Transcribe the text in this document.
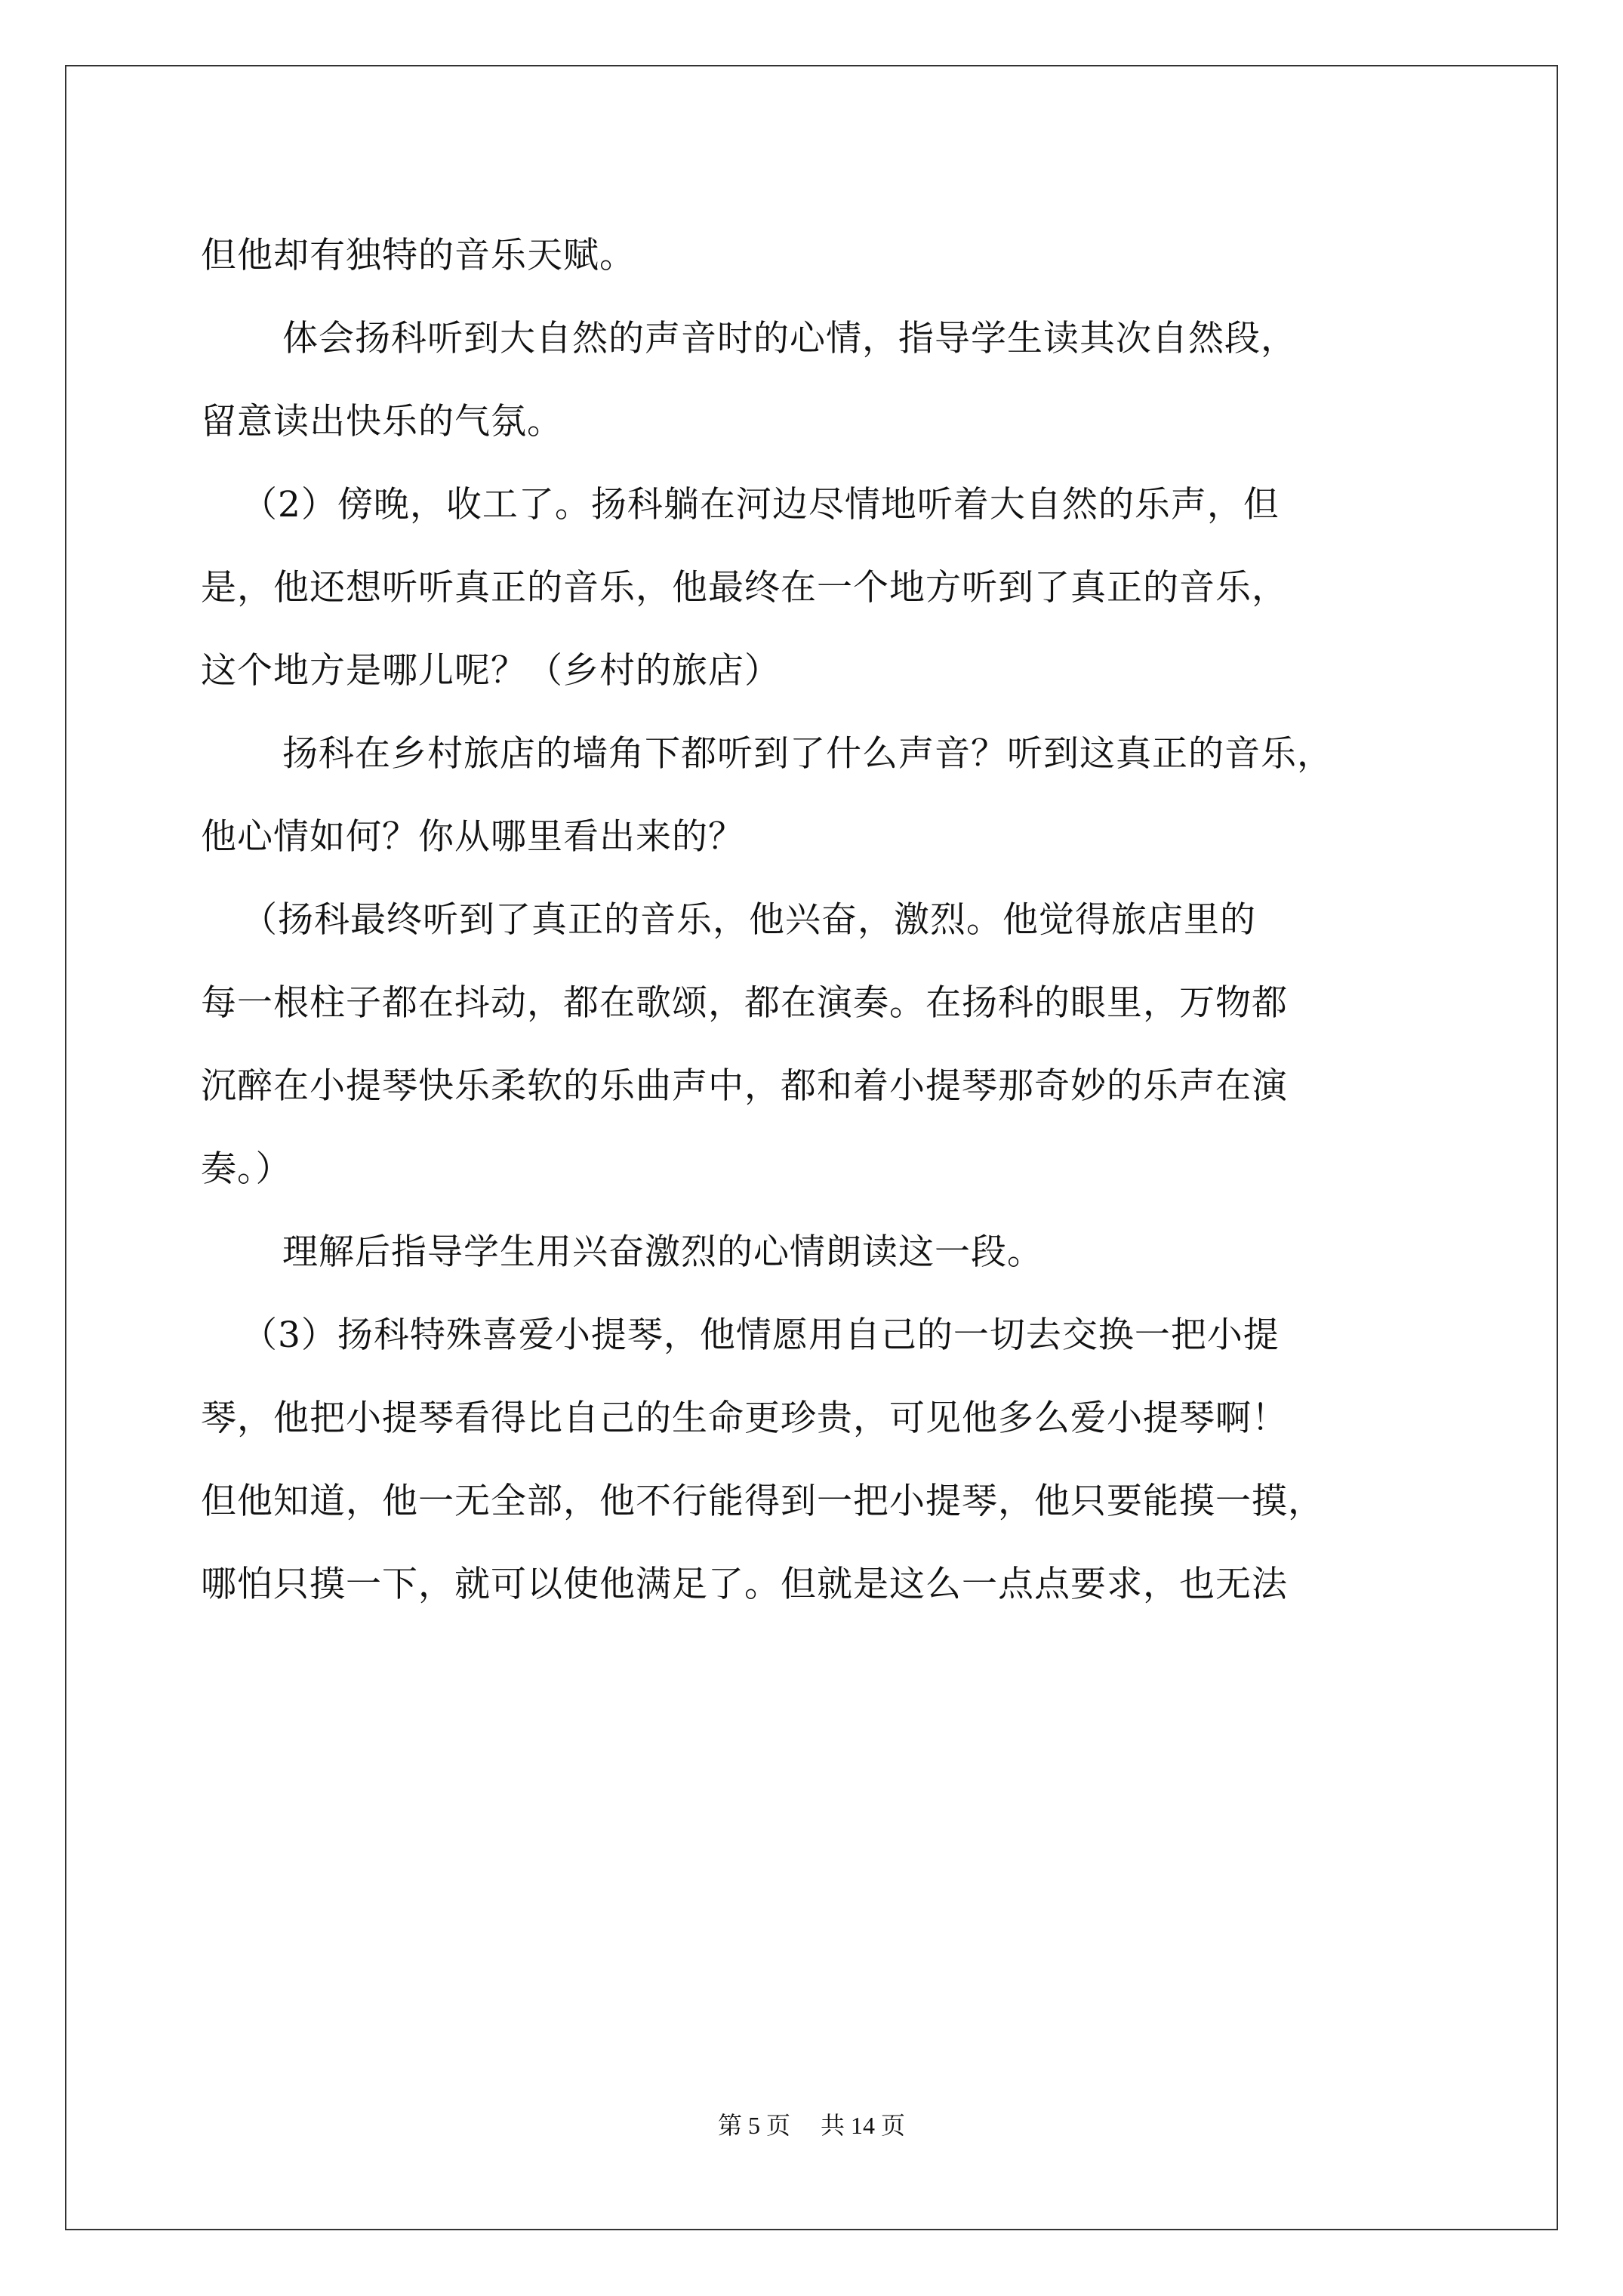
但他却有独特的音乐天赋。
体会扬科听到大自然的声音时的心情，指导学生读其次自然段，
留意读出快乐的气氛。
（2）傍晚，收工了。扬科躺在河边尽情地听着大自然的乐声，但
是，他还想听听真正的音乐，他最终在一个地方听到了真正的音乐，
这个地方是哪儿呢？（乡村的旅店）
扬科在乡村旅店的墙角下都听到了什么声音？听到这真正的音乐，
他心情如何？你从哪里看出来的？
（扬科最终听到了真正的音乐，他兴奋，激烈。他觉得旅店里的
每一根柱子都在抖动，都在歌颂，都在演奏。在扬科的眼里，万物都
沉醉在小提琴快乐柔软的乐曲声中，都和着小提琴那奇妙的乐声在演
奏。）
理解后指导学生用兴奋激烈的心情朗读这一段。
（3）扬科特殊喜爱小提琴，他情愿用自己的一切去交换一把小提
琴，他把小提琴看得比自己的生命更珍贵，可见他多么爱小提琴啊！
但他知道，他一无全部，他不行能得到一把小提琴，他只要能摸一摸，
哪怕只摸一下，就可以使他满足了。但就是这么一点点要求，也无法
第 5 页 共 14 页
